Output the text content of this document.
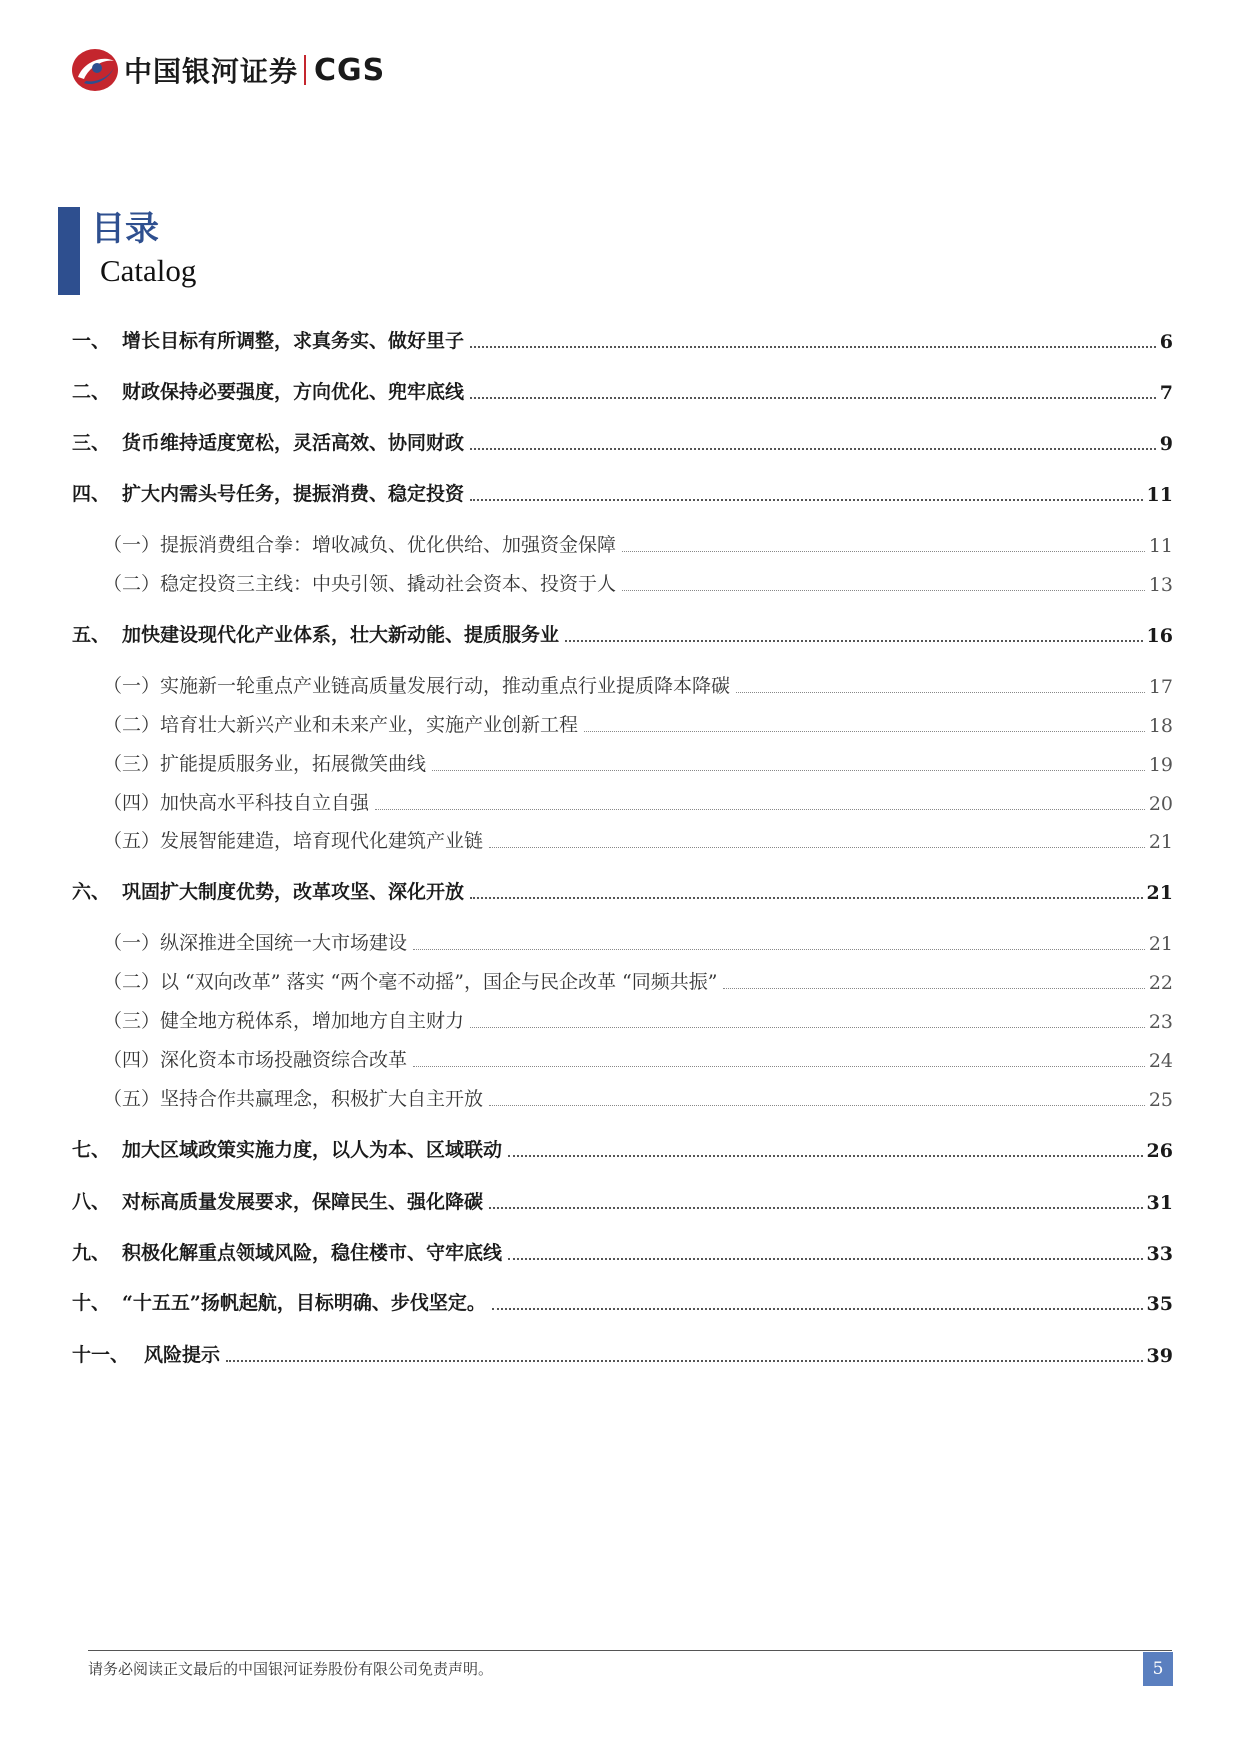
中国银河证券 CGS
目录
Catalog
一、 增长目标有所调整，求真务实、做好里子	6
二、 财政保持必要强度，方向优化、兜牢底线	7
三、 货币维持适度宽松，灵活高效、协同财政	9
四、 扩大内需头号任务，提振消费、稳定投资	11
（一）提振消费组合拳：增收减负、优化供给、加强资金保障	11
（二）稳定投资三主线：中央引领、撬动社会资本、投资于人	13
五、 加快建设现代化产业体系，壮大新动能、提质服务业	16
（一）实施新一轮重点产业链高质量发展行动，推动重点行业提质降本降碳	17
（二）培育壮大新兴产业和未来产业，实施产业创新工程	18
（三）扩能提质服务业，拓展微笑曲线	19
（四）加快高水平科技自立自强	20
（五）发展智能建造，培育现代化建筑产业链	21
六、 巩固扩大制度优势，改革攻坚、深化开放	21
（一）纵深推进全国统一大市场建设	21
（二）以 “双向改革” 落实 “两个毫不动摇”，国企与民企改革 “同频共振”	22
（三）健全地方税体系，增加地方自主财力	23
（四）深化资本市场投融资综合改革	24
（五）坚持合作共赢理念，积极扩大自主开放	25
七、 加大区域政策实施力度，以人为本、区域联动	26
八、 对标高质量发展要求，保障民生、强化降碳	31
九、 积极化解重点领域风险，稳住楼市、守牢底线	33
十、 “十五五”扬帆起航，目标明确、步伐坚定。	35
十一、 风险提示	39
请务必阅读正文最后的中国银河证券股份有限公司免责声明。	5
